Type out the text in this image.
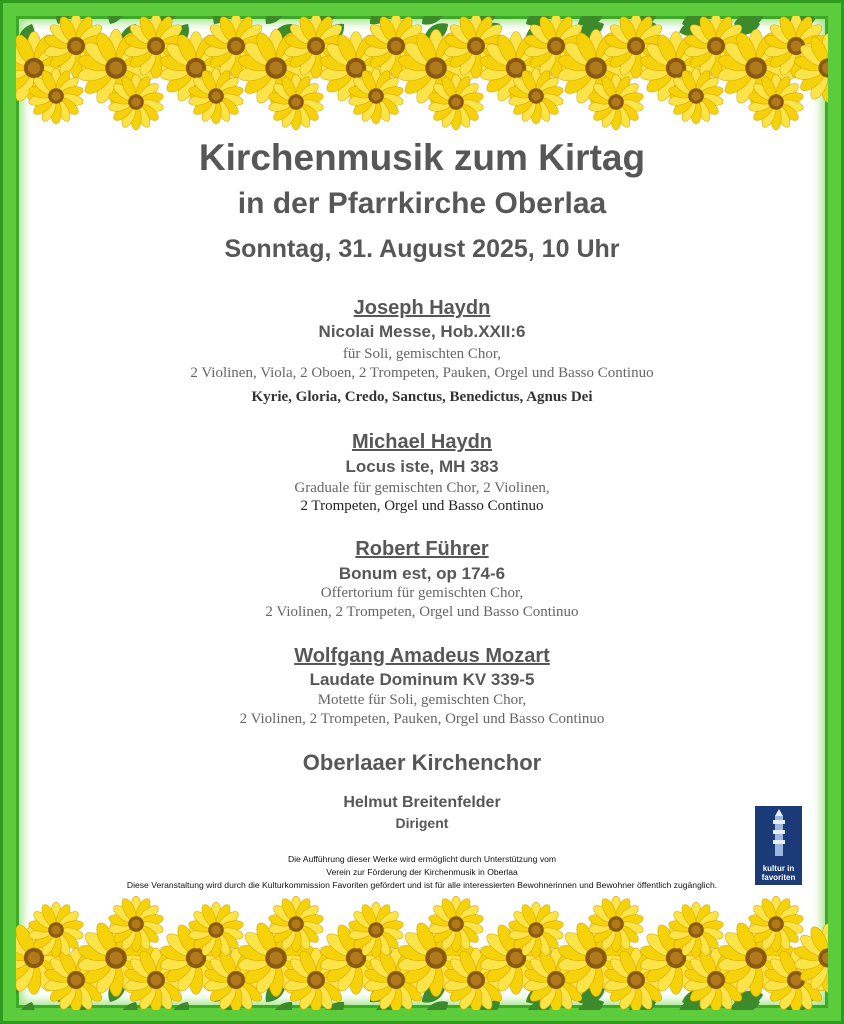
Kirchenmusik zum Kirtag
in der Pfarrkirche Oberlaa
Sonntag, 31. August 2025, 10 Uhr
Joseph Haydn
Nicolai Messe, Hob.XXII:6
für Soli, gemischten Chor,
2 Violinen, Viola, 2 Oboen, 2 Trompeten, Pauken, Orgel und Basso Continuo
Kyrie, Gloria, Credo, Sanctus, Benedictus, Agnus Dei
Michael Haydn
Locus iste, MH 383
Graduale für gemischten Chor, 2 Violinen,
2 Trompeten, Orgel und Basso Continuo
Robert Führer
Bonum est, op 174-6
Offertorium für gemischten Chor,
2 Violinen, 2 Trompeten, Orgel und Basso Continuo
Wolfgang Amadeus Mozart
Laudate Dominum KV 339-5
Motette für Soli, gemischten Chor,
2 Violinen, 2 Trompeten, Pauken, Orgel und Basso Continuo
Oberlaaer Kirchenchor
Helmut Breitenfelder
Dirigent
Die Aufführung dieser Werke wird ermöglicht durch Unterstützung vom
Verein zur Förderung der Kirchenmusik in Oberlaa
Diese Veranstaltung wird durch die Kulturkommission Favoriten gefördert und ist für alle interessierten Bewohnerinnen und Bewohner öffentlich zugänglich.
kultur in
favoriten
